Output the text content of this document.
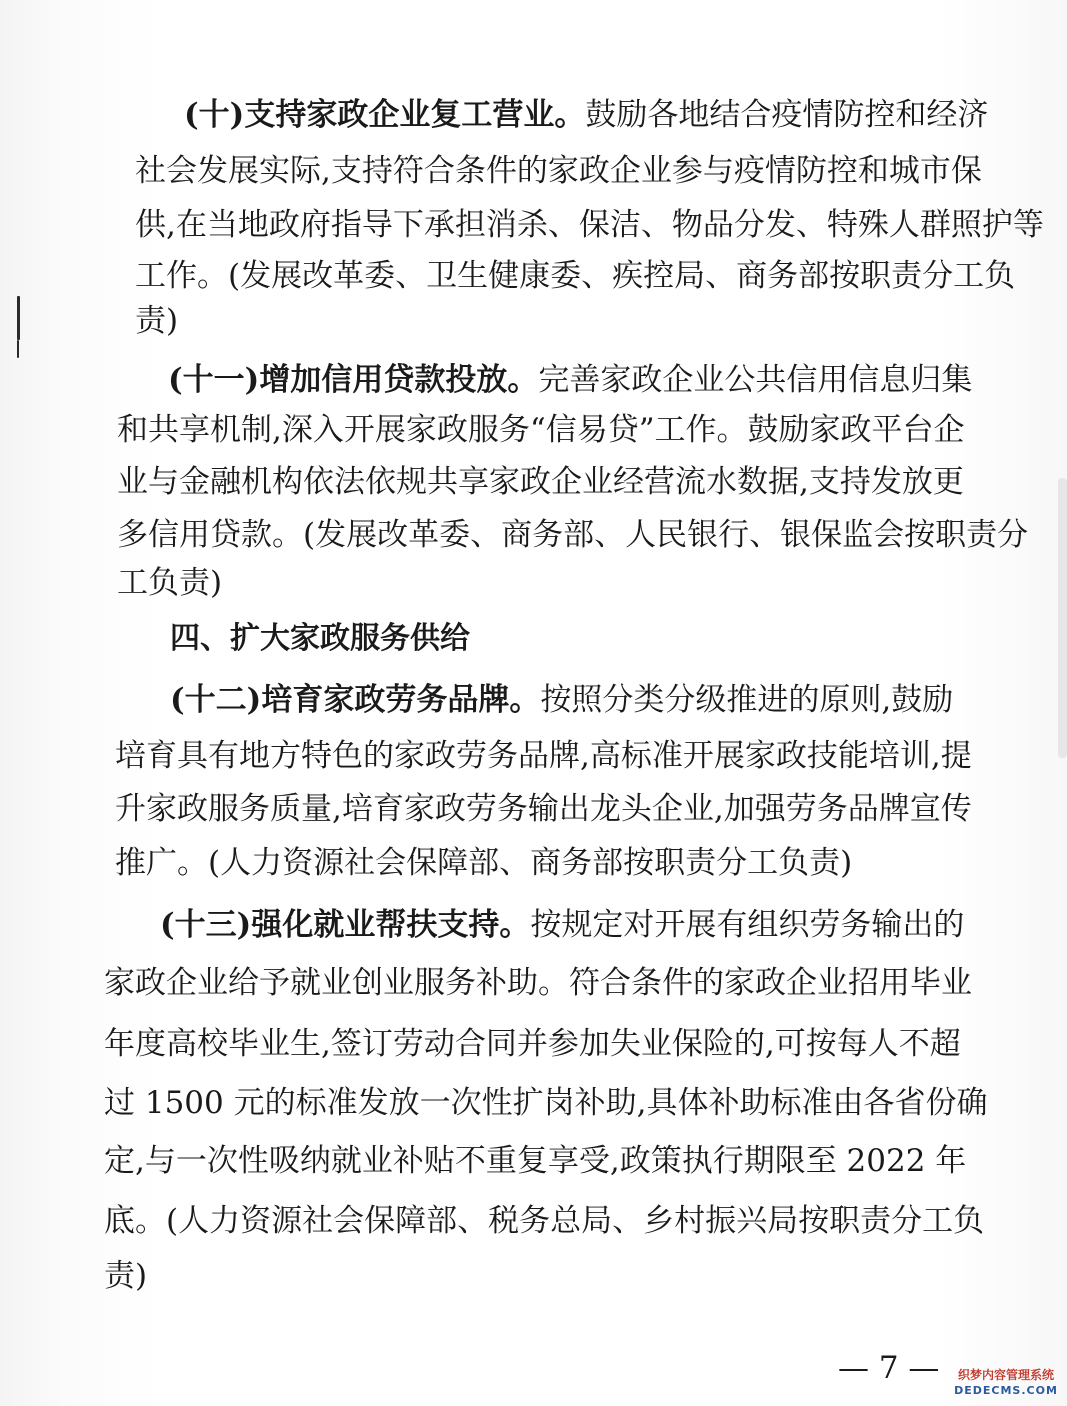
(十)支持家政企业复工营业。鼓励各地结合疫情防控和经济
社会发展实际,支持符合条件的家政企业参与疫情防控和城市保
供,在当地政府指导下承担消杀、保洁、物品分发、特殊人群照护等
工作。(发展改革委、卫生健康委、疾控局、商务部按职责分工负
责)
(十一)增加信用贷款投放。完善家政企业公共信用信息归集
和共享机制,深入开展家政服务“信易贷”工作。鼓励家政平台企
业与金融机构依法依规共享家政企业经营流水数据,支持发放更
多信用贷款。(发展改革委、商务部、人民银行、银保监会按职责分
工负责)
四、扩大家政服务供给
(十二)培育家政劳务品牌。按照分类分级推进的原则,鼓励
培育具有地方特色的家政劳务品牌,高标准开展家政技能培训,提
升家政服务质量,培育家政劳务输出龙头企业,加强劳务品牌宣传
推广。(人力资源社会保障部、商务部按职责分工负责)
(十三)强化就业帮扶支持。按规定对开展有组织劳务输出的
家政企业给予就业创业服务补助。符合条件的家政企业招用毕业
年度高校毕业生,签订劳动合同并参加失业保险的,可按每人不超
过 1500 元的标准发放一次性扩岗补助,具体补助标准由各省份确
定,与一次性吸纳就业补贴不重复享受,政策执行期限至 2022 年
底。(人力资源社会保障部、税务总局、乡村振兴局按职责分工负
责)
— 7 —	织梦内容管理系统
DEDECMS.COM
